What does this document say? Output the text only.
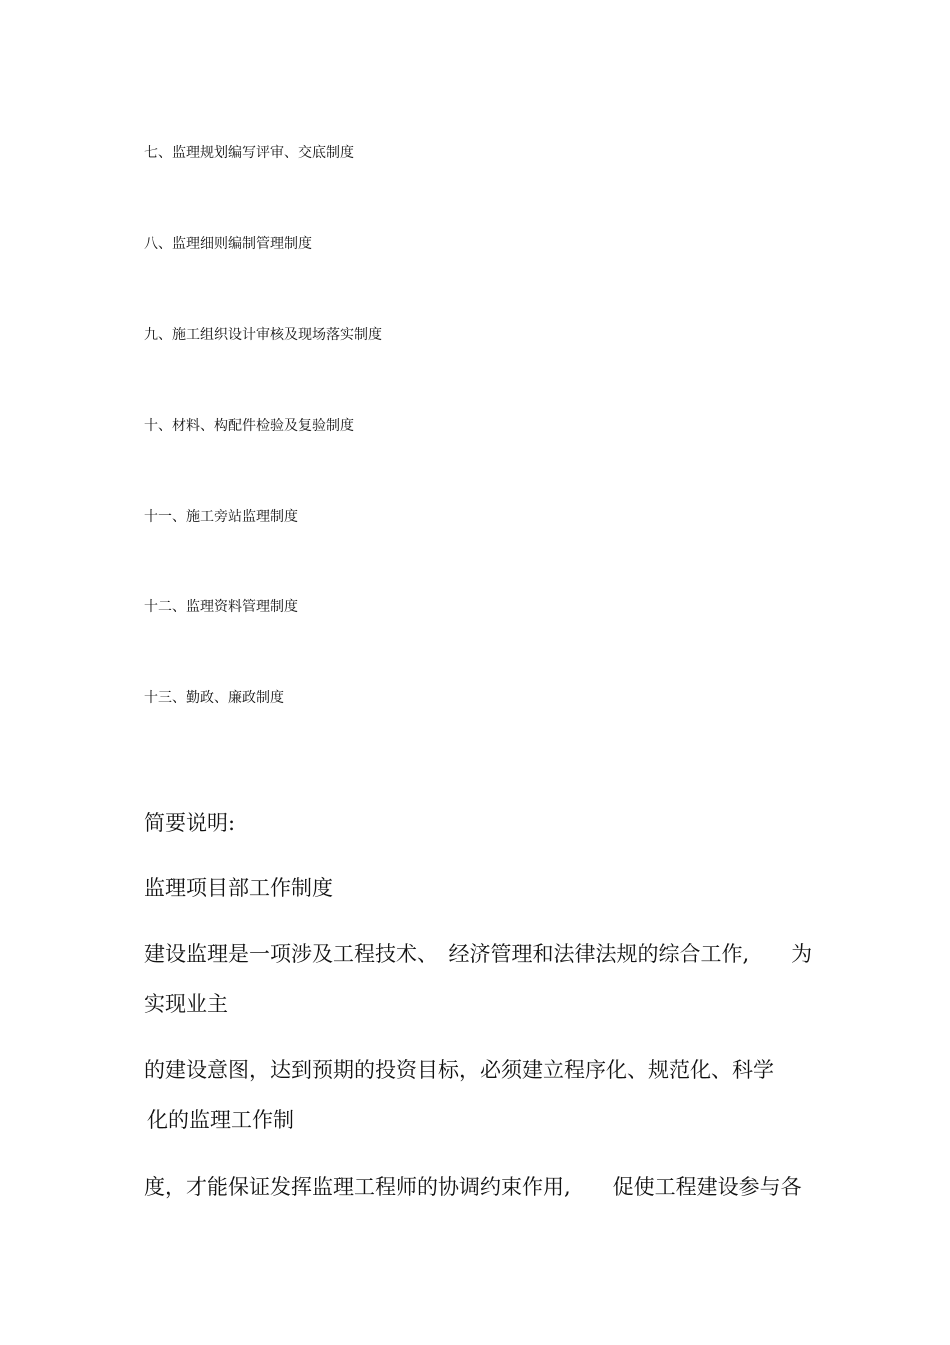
七、监理规划编写评审、交底制度
八、监理细则编制管理制度
九、施工组织设计审核及现场落实制度
十、材料、构配件检验及复验制度
十一、施工旁站监理制度
十二、监理资料管理制度
十三、勤政、廉政制度
简要说明:
监理项目部工作制度
建设监理是一项涉及工程技术、　经济管理和法律法规的综合工作,　　为
实现业主
的建设意图，达到预期的投资目标，必须建立程序化、规范化、科学
化的监理工作制
度，才能保证发挥监理工程师的协调约束作用,　　促使工程建设参与各
